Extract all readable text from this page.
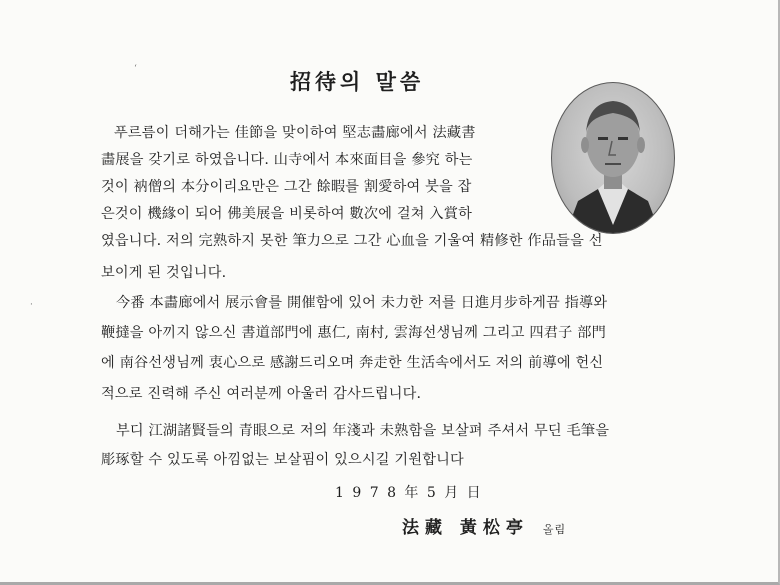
招待의 말씀

푸르름이 더해가는 佳節을 맞이하여 堅志畵廊에서 法藏書

畵展을 갖기로 하였읍니다. 山寺에서 本來面目을 參究 하는

것이 衲僧의 本分이리요만은 그간 餘暇를 割愛하여 붓을 잡

은것이 機緣이 되어 佛美展을 비롯하여 數次에 걸쳐 入賞하

였읍니다. 저의 完熟하지 못한 筆力으로 그간 心血을 기울여 精修한 作品들을 선

보이게 된 것입니다.

今番 本畵廊에서 展示會를 開催함에 있어 未力한 저를 日進月步하게끔 指導와

鞭撻을 아끼지 않으신 書道部門에 惠仁, 南村, 雲海선생님께 그리고 四君子 部門

에 南谷선생님께 衷心으로 感謝드리오며 奔走한 生活속에서도 저의 前導에 헌신

적으로 진력해 주신 여러분께 아울러 감사드립니다.

부디 江湖諸賢들의 青眼으로 저의 年淺과 未熟함을 보살펴 주셔서 무딘 毛筆을

彫琢할 수 있도록 아낌없는 보살핌이 있으시길 기원합니다

1 9 7 8 年 5 月 日
法藏 黃松亭 올림
‘
·
